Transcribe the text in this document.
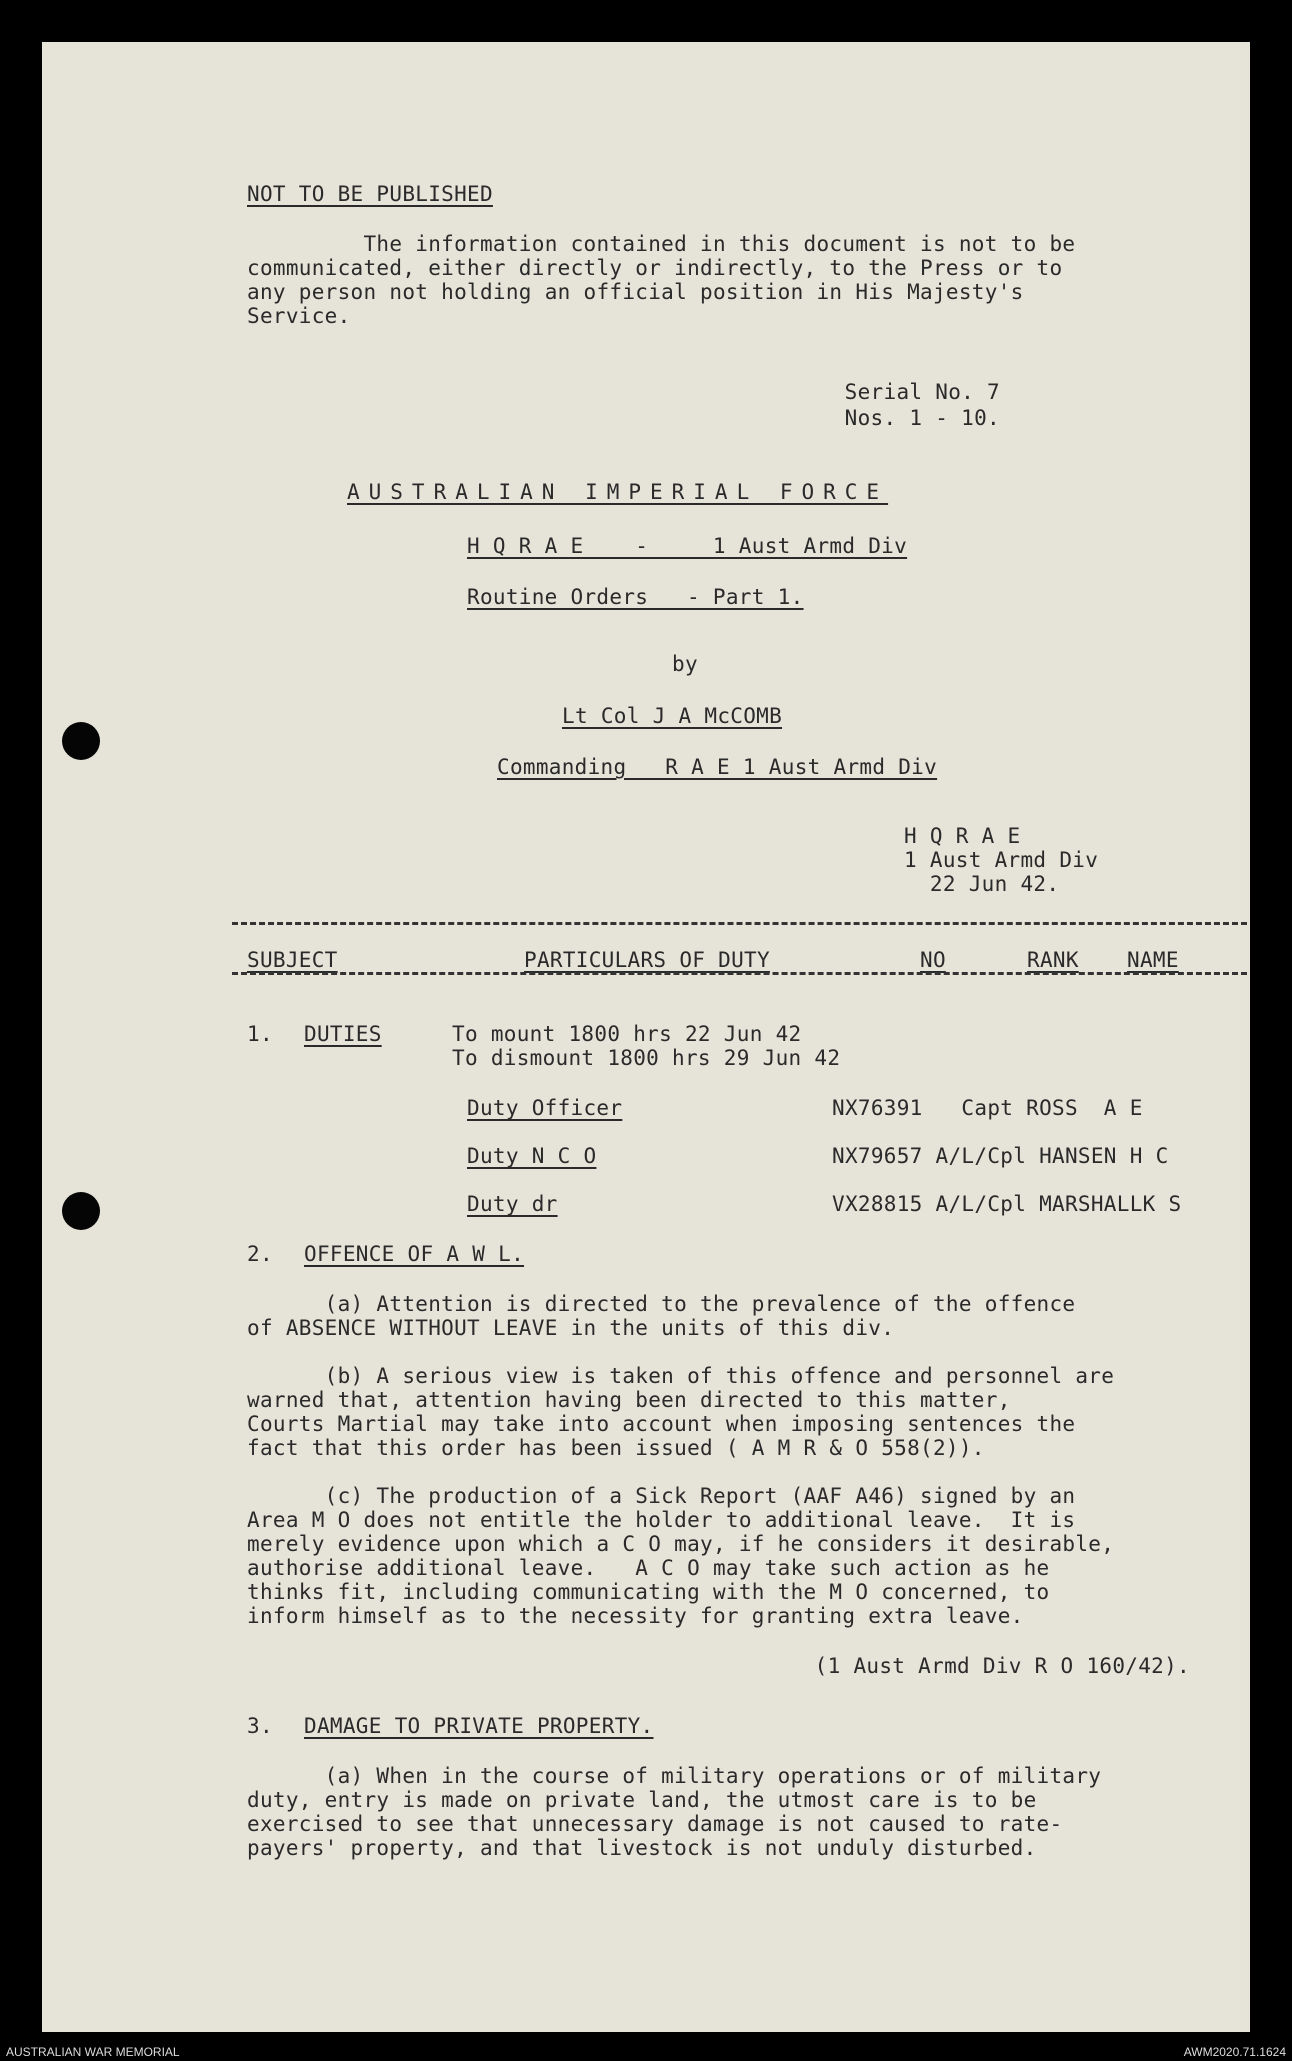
NOT TO BE PUBLISHED
The information contained in this document is not to be
communicated, either directly or indirectly, to the Press or to
any person not holding an official position in His Majesty's
Service.
Serial No. 7
Nos. 1 - 10.
AUSTRALIAN IMPERIAL FORCE
H Q R A E    -     1 Aust Armd Div
Routine Orders   - Part 1.
by
Lt Col J A McCOMB
Commanding   R A E 1 Aust Armd Div
H Q R A E
1 Aust Armd Div
22 Jun 42.
SUBJECT	PARTICULARS OF DUTY	NO	RANK NAME
1. DUTIES	To mount 1800 hrs 22 Jun 42
To dismount 1800 hrs 29 Jun 42
Duty Officer	NX76391   Capt ROSS  A E
Duty N C O	NX79657 A/L/Cpl HANSEN H C
Duty dr	VX28815 A/L/Cpl MARSHALLK S
2. OFFENCE OF A W L.
(a) Attention is directed to the prevalence of the offence
of ABSENCE WITHOUT LEAVE in the units of this div.
(b) A serious view is taken of this offence and personnel are
warned that, attention having been directed to this matter,
Courts Martial may take into account when imposing sentences the
fact that this order has been issued ( A M R & O 558(2)).
(c) The production of a Sick Report (AAF A46) signed by an
Area M O does not entitle the holder to additional leave.  It is
merely evidence upon which a C O may, if he considers it desirable,
authorise additional leave.   A C O may take such action as he
thinks fit, including communicating with the M O concerned, to
inform himself as to the necessity for granting extra leave.
(1 Aust Armd Div R O 160/42).
3. DAMAGE TO PRIVATE PROPERTY.
(a) When in the course of military operations or of military
duty, entry is made on private land, the utmost care is to be
exercised to see that unnecessary damage is not caused to rate-
payers' property, and that livestock is not unduly disturbed.
AUSTRALIAN WAR MEMORIAL	AWM2020.71.1624
